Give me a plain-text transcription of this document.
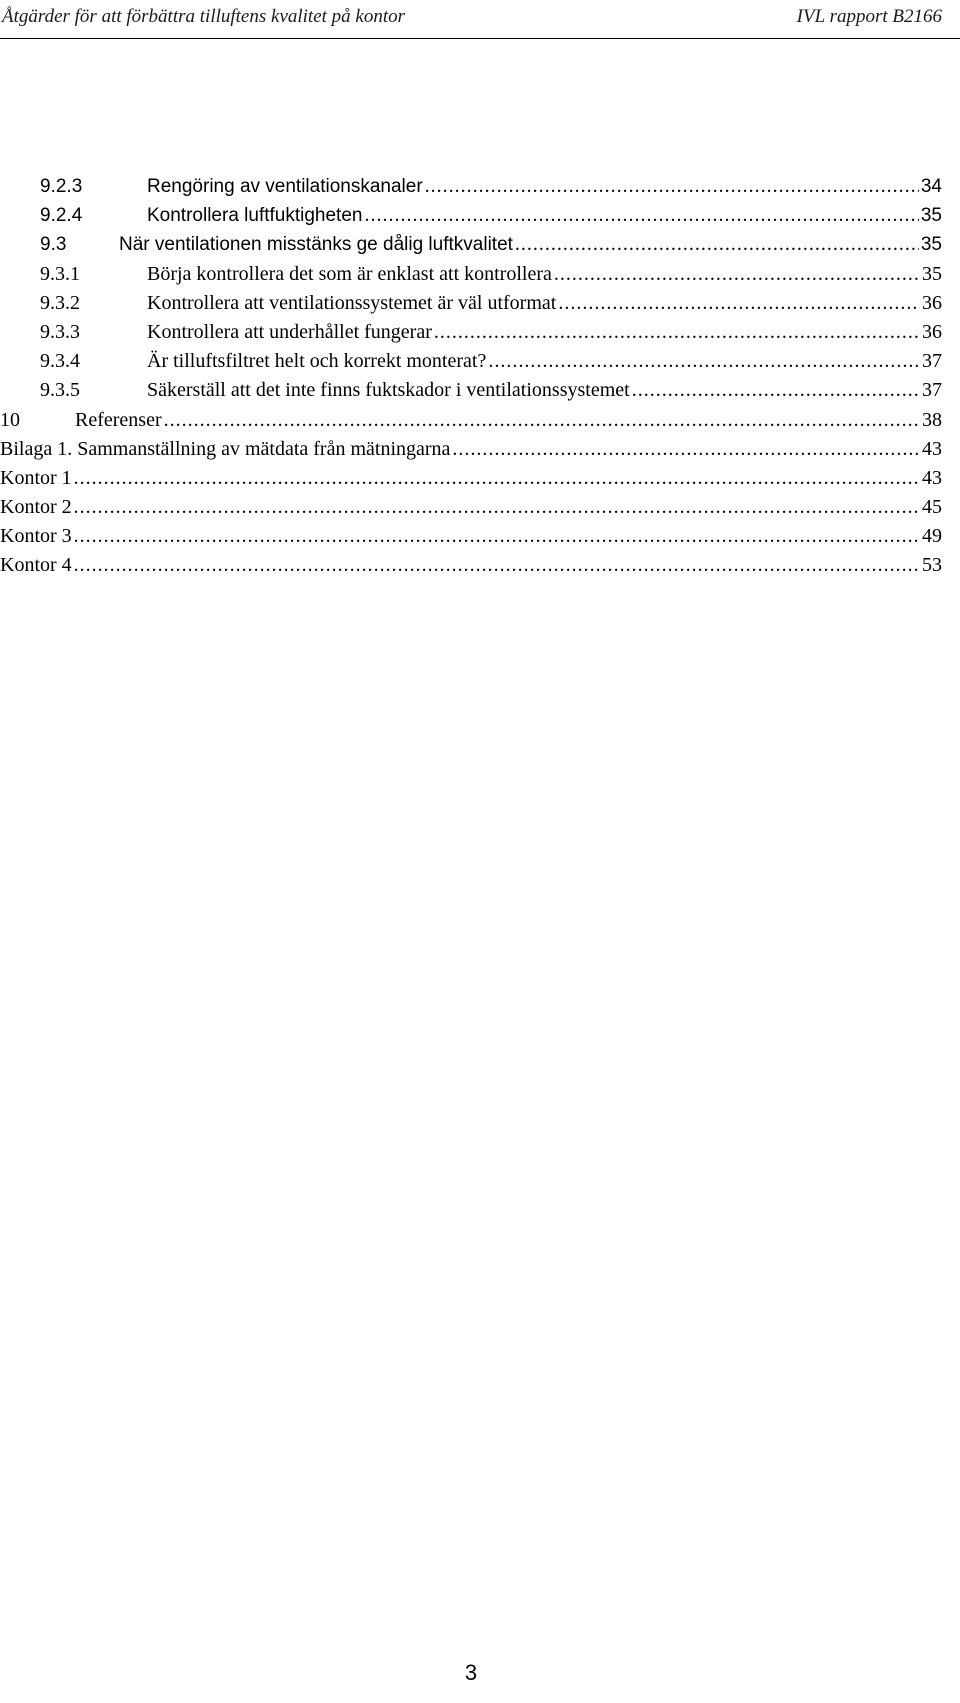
Åtgärder för att förbättra tilluftens kvalitet på kontor	IVL rapport B2166
9.2.3	Rengöring av ventilationskanaler .....	34
9.2.4	Kontrollera luftfuktigheten .....	35
9.3	När ventilationen misstänks ge dålig luftkvalitet .....	35
9.3.1	Börja kontrollera det som är enklast att kontrollera .....	35
9.3.2	Kontrollera att ventilationssystemet är väl utformat .....	36
9.3.3	Kontrollera att underhållet fungerar .....	36
9.3.4	Är tilluftsfiltret helt och korrekt monterat? .....	37
9.3.5	Säkerställ att det inte finns fuktskador i ventilationssystemet .....	37
10	Referenser .....	38
Bilaga 1. Sammanställning av mätdata från mätningarna .....	43
Kontor 1 .....	43
Kontor 2 .....	45
Kontor 3 .....	49
Kontor 4 .....	53
3
